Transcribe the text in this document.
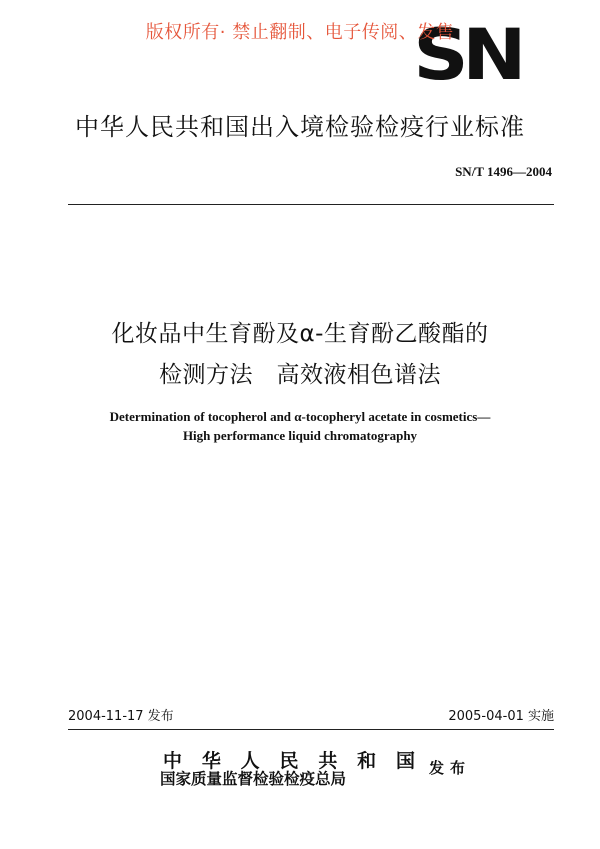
SN
版权所有· 禁止翻制、电子传阅、发售
中华人民共和国出入境检验检疫行业标准
SN/T 1496—2004
化妆品中生育酚及α-生育酚乙酸酯的
检测方法　高效液相色谱法
Determination of tocopherol and α-tocopheryl acetate in cosmetics—
High performance liquid chromatography
2004-11-17 发布	2005-04-01 实施
中华人民共和国
国家质量监督检验检疫总局
发布
